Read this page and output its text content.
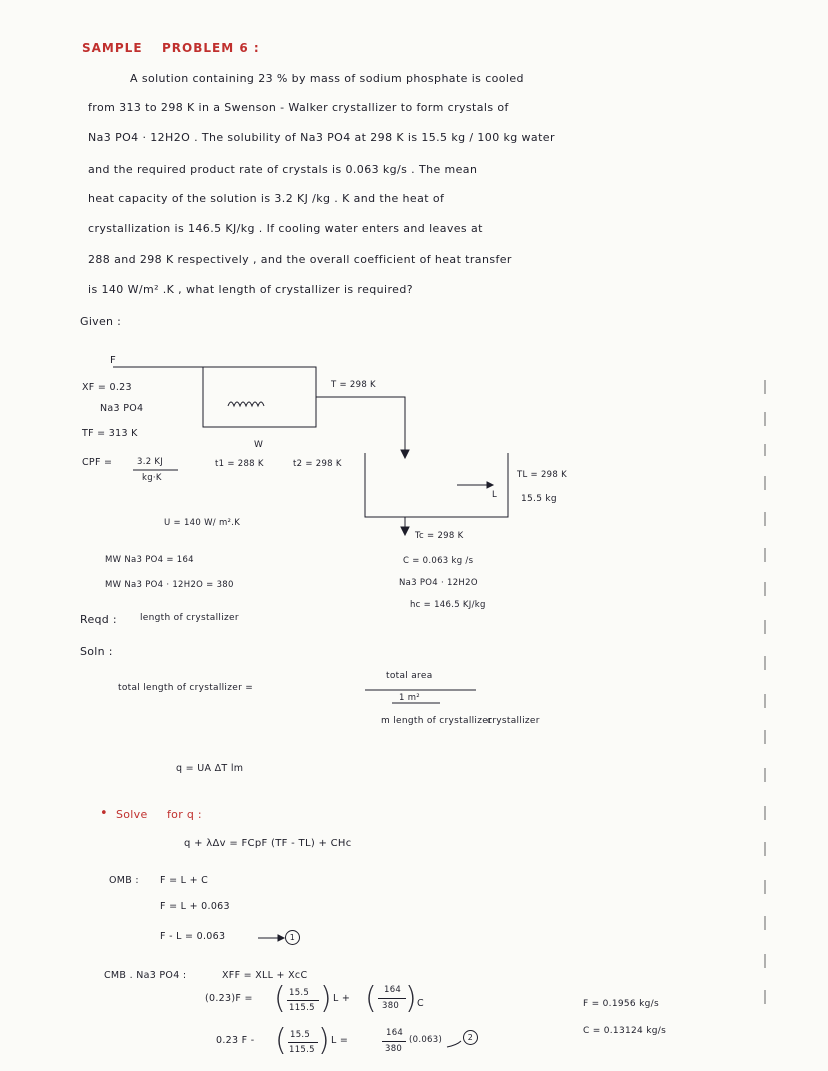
SAMPLE PROBLEM 6 :
A solution containing 23 % by mass of sodium phosphate is cooled
from 313 to 298 K in a Swenson - Walker crystallizer to form crystals of
Na3 PO4 · 12H2O . The solubility of Na3 PO4 at 298 K is 15.5 kg / 100 kg water
and the required product rate of crystals is 0.063 kg/s . The mean
heat capacity of the solution is 3.2 KJ /kg . K and the heat of
crystallization is 146.5 KJ/kg . If cooling water enters and leaves at
288 and 298 K respectively , and the overall coefficient of heat transfer
is 140 W/m² .K , what length of crystallizer is required?
Given :
F
XF = 0.23
Na3 PO4
TF = 313 K
CPF =	3.2 KJ
kg·K
T = 298 K
W
t1 = 288 K	t2 = 298 K
TL = 298 K
L	15.5 kg
U = 140 W/ m².K
Tc = 298 K
C = 0.063 kg /s
Na3 PO4 · 12H2O
hc = 146.5 KJ/kg
MW Na3 PO4 = 164
MW Na3 PO4 · 12H2O = 380
Reqd :	length of crystallizer
Soln :
total length of crystallizer =
total area
1 m²
m length of crystallizer
crystallizer
q = UA ΔT lm
• Solve for q :
q + λΔv = FCpF (TF - TL) + CHc
OMB : F = L + C
F = L + 0.063
F - L = 0.063	1
CMB . Na3 PO4 :	XFF = XLL + XcC
(0.23)F = ( 15.5
115.5 ) L + ( 164
380 ) C
0.23 F - ( 15.5
115.5 ) L =
164
380
(0.063)	2
F = 0.1956 kg/s
C = 0.13124 kg/s
